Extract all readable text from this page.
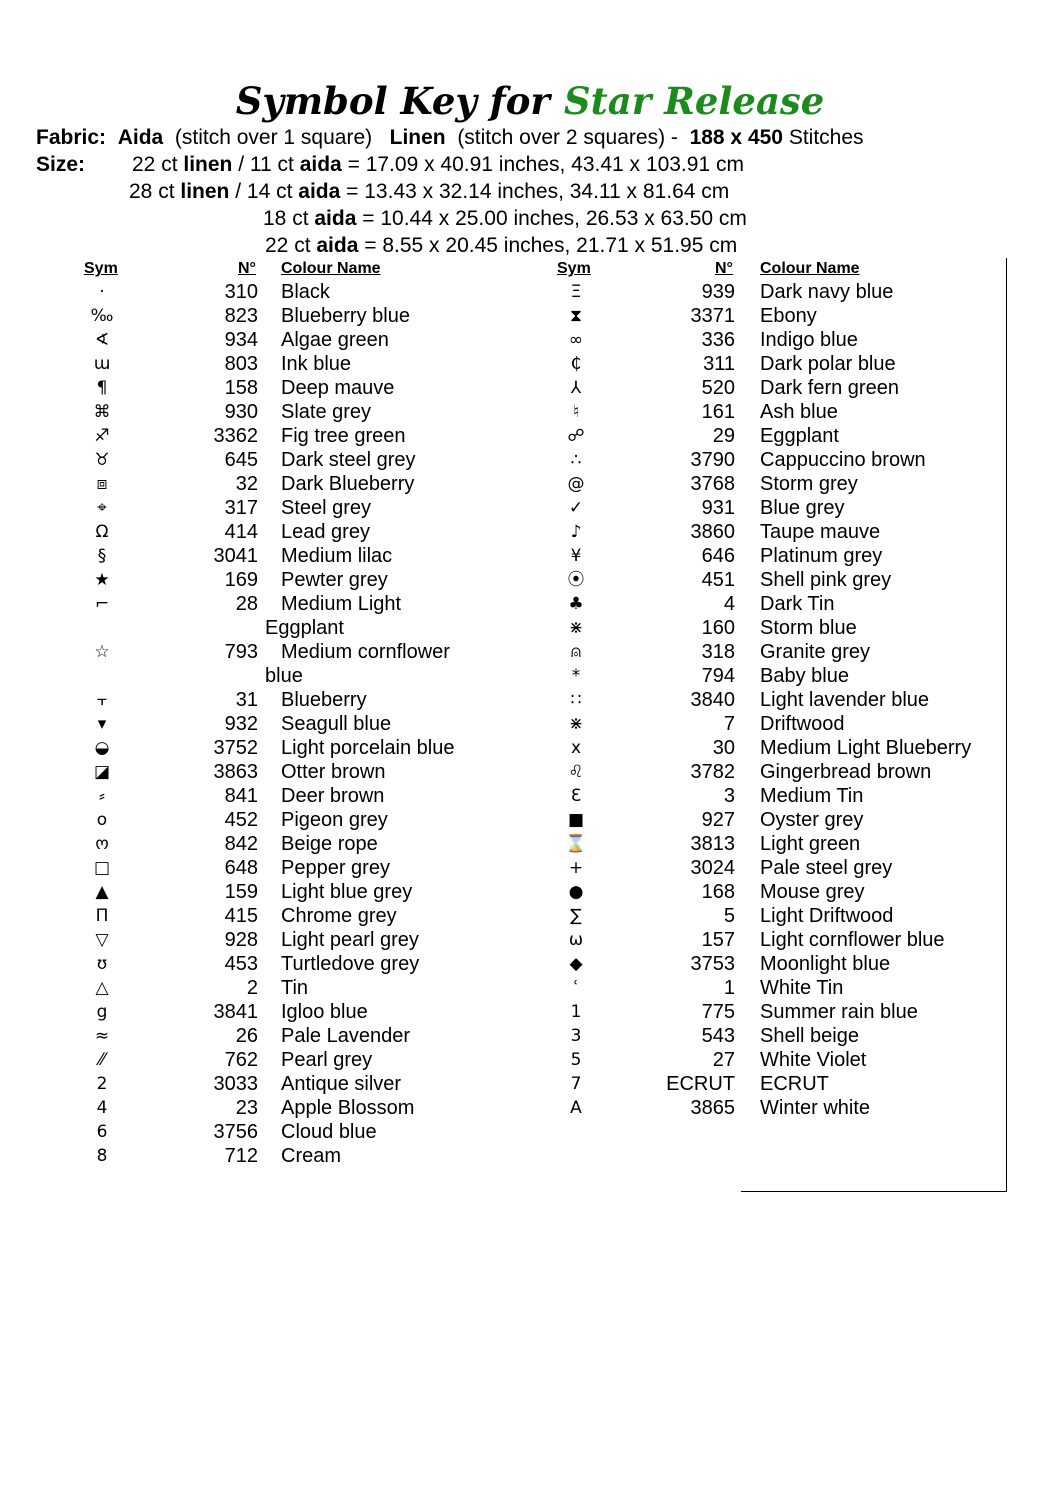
Symbol Key for Star Release
Fabric: Aida (stitch over 1 square) Linen (stitch over 2 squares) - 188 x 450 Stitches
Size: 22 ct linen / 11 ct aida = 17.09 x 40.91 inches, 43.41 x 103.91 cm
28 ct linen / 14 ct aida = 13.43 x 32.14 inches, 34.11 x 81.64 cm
18 ct aida = 10.44 x 25.00 inches, 26.53 x 63.50 cm
22 ct aida = 8.55 x 20.45 inches, 21.71 x 51.95 cm
Sym	N° Colour Name	Sym	N° Colour Name
·	310 Black
‰	823 Blueberry blue
∢	934 Algae green
ɯ	803 Ink blue
¶	158 Deep mauve
⌘	930 Slate grey
♐	3362 Fig tree green
♉	645 Dark steel grey
⧈	32 Dark Blueberry
⌖	317 Steel grey
Ω	414 Lead grey
§	3041 Medium lilac
★	169 Pewter grey
⌐	28 Medium Light
Eggplant
☆	793 Medium cornflower
blue
⫟	31 Blueberry
▾	932 Seagull blue
◒	3752 Light porcelain blue
◪	3863 Otter brown
⸗	841 Deer brown
o	452 Pigeon grey
ო	842 Beige rope
□	648 Pepper grey
▲	159 Light blue grey
Π	415 Chrome grey
▽	928 Light pearl grey
ʊ	453 Turtledove grey
△	2 Tin
g	3841 Igloo blue
≈	26 Pale Lavender
⁄⁄	762 Pearl grey
2	3033 Antique silver
4	23 Apple Blossom
6	3756 Cloud blue
8	712 Cream
Ξ	939 Dark navy blue
⧗	3371 Ebony
∞	336 Indigo blue
₵	311 Dark polar blue
⅄	520 Dark fern green
♮	161 Ash blue
☍	29 Eggplant
∴	3790 Cappuccino brown
@	3768 Storm grey
✓	931 Blue grey
♪	3860 Taupe mauve
¥	646 Platinum grey
⦿	451 Shell pink grey
♣	4 Dark Tin
⋇	160 Storm blue
⍝	318 Granite grey
*	794 Baby blue
∷	3840 Light lavender blue
⋇	7 Driftwood
x	30 Medium Light Blueberry
♌	3782 Gingerbread brown
Ɛ	3 Medium Tin
■	927 Oyster grey
⌛	3813 Light green
+	3024 Pale steel grey
●	168 Mouse grey
∑	5 Light Driftwood
ω	157 Light cornflower blue
◆	3753 Moonlight blue
ʿ	1 White Tin
1	775 Summer rain blue
3	543 Shell beige
5	27 White Violet
7	ECRUT ECRUT
A	3865 Winter white
